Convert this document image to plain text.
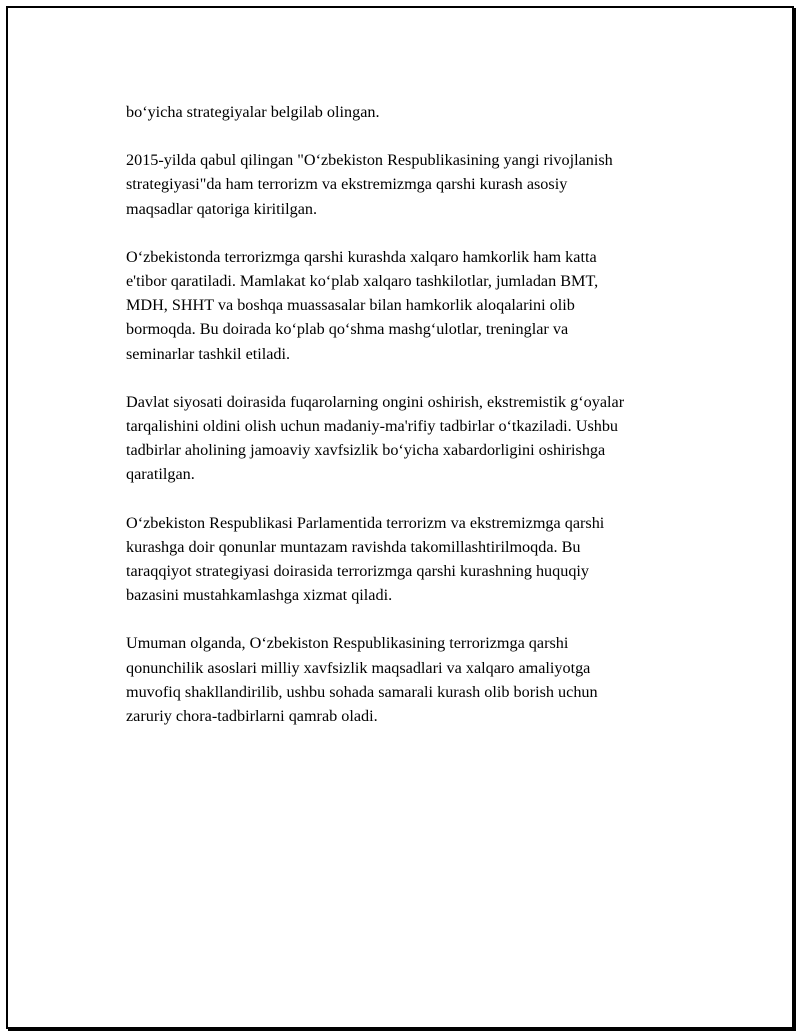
bo‘yicha strategiyalar belgilab olingan.

2015-yilda qabul qilingan "O‘zbekiston Respublikasining yangi rivojlanish
strategiyasi"da ham terrorizm va ekstremizmga qarshi kurash asosiy
maqsadlar qatoriga kiritilgan.

O‘zbekistonda terrorizmga qarshi kurashda xalqaro hamkorlik ham katta
e'tibor qaratiladi. Mamlakat ko‘plab xalqaro tashkilotlar, jumladan BMT,
MDH, SHHT va boshqa muassasalar bilan hamkorlik aloqalarini olib
bormoqda. Bu doirada ko‘plab qo‘shma mashg‘ulotlar, treninglar va
seminarlar tashkil etiladi.

Davlat siyosati doirasida fuqarolarning ongini oshirish, ekstremistik g‘oyalar
tarqalishini oldini olish uchun madaniy-ma'rifiy tadbirlar o‘tkaziladi. Ushbu
tadbirlar aholining jamoaviy xavfsizlik bo‘yicha xabardorligini oshirishga
qaratilgan.

O‘zbekiston Respublikasi Parlamentida terrorizm va ekstremizmga qarshi
kurashga doir qonunlar muntazam ravishda takomillashtirilmoqda. Bu
taraqqiyot strategiyasi doirasida terrorizmga qarshi kurashning huquqiy
bazasini mustahkamlashga xizmat qiladi.

Umuman olganda, O‘zbekiston Respublikasining terrorizmga qarshi
qonunchilik asoslari milliy xavfsizlik maqsadlari va xalqaro amaliyotga
muvofiq shakllandirilib, ushbu sohada samarali kurash olib borish uchun
zaruriy chora-tadbirlarni qamrab oladi.
